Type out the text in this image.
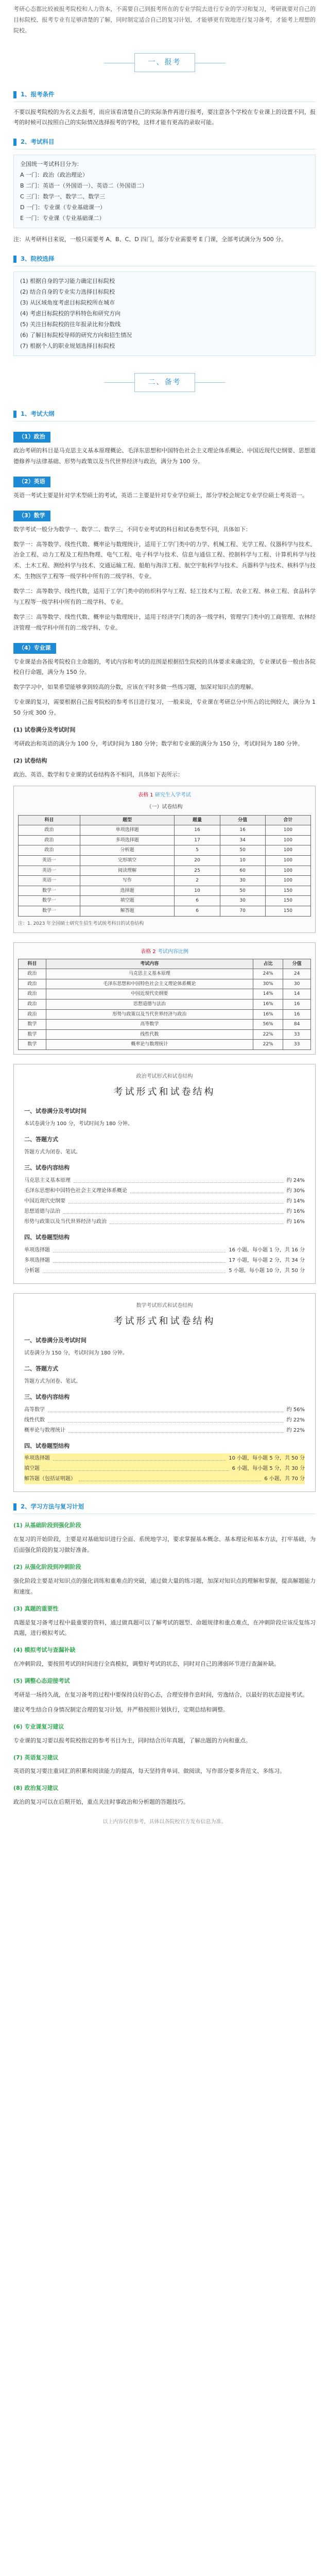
考研心态都比较被报考院校和人力资本，不需要自己到报考所在的专业学院去进行专业的学习和复习，考研就要对自己的目标院校、报考专业有足够清楚的了解，同时制定适合自己的复习计划，才能够更有效地进行复习备考，才能考上理想的院校。

一、报考
1、报考条件

不要以报考院校的为名义去报考，而应该看清楚自己的实际条件再进行报考，要注意各个学校在专业课上的设置不同，报考的时候可以按照自己的实际情况选择报考的学校，这样才能有更高的录取可能。

2、考试科目
全国统一考试科目分为：
A 一门：政治（政治理论）
B 二门：英语一（外国语一）、英语二（外国语二）
C 三门：数学一、数学二、数学三
D 一门：专业课（专业基础课一）
E 一门：专业课（专业基础课二）

注：从考研科目来说，一般只需要考 A、B、C、D 四门，部分专业需要考 E 门课，全部考试满分为 500 分。

3、院校选择
(1) 根据自身的学习能力确定目标院校
(2) 结合自身的专业实力选择目标院校
(3) 从区域角度考虑目标院校所在城市
(4) 考虑目标院校的学科特色和研究方向
(5) 关注目标院校的往年报录比和分数线
(6) 了解目标院校导师的研究方向和招生情况
(7) 根据个人的职业规划选择目标院校
二、备考
1、考试大纲
（1）政治

政治考研的科目是马克思主义基本原理概论、毛泽东思想和中国特色社会主义理论体系概论、中国近现代史纲要、思想道德修养与法律基础、形势与政策以及当代世界经济与政治，满分为 100 分。

（2）英语

英语一考试主要是针对学术型硕士的考试，英语二主要是针对专业学位硕士，部分学校会规定专业学位硕士考英语一。

（3）数学

数学考试一般分为数学一、数学二、数学三，不同专业考试的科目和试卷类型不同，具体如下：

数学一：高等数学、线性代数、概率论与数理统计，适用于工学门类中的力学、机械工程、光学工程、仪器科学与技术、冶金工程、动力工程及工程热物理、电气工程、电子科学与技术、信息与通信工程、控制科学与工程、计算机科学与技术、土木工程、测绘科学与技术、交通运输工程、船舶与海洋工程、航空宇航科学与技术、兵器科学与技术、核科学与技术、生物医学工程等一级学科中所有的二级学科、专业。

数学二：高等数学、线性代数，适用于工学门类中的纺织科学与工程、轻工技术与工程、农业工程、林业工程、食品科学与工程等一级学科中所有的二级学科、专业。

数学三：高等数学、线性代数、概率论与数理统计，适用于经济学门类的各一级学科，管理学门类中的工商管理、农林经济管理一级学科中所有的二级学科、专业。

（4）专业课

专业课是由各报考院校自主命题的，考试内容和考试的范围是根据招生院校的具体要求来确定的，专业课试卷一般由各院校自行命题，满分为 150 分。

数学学习中，如果希望能够拿到较高的分数，应该在平时多做一些练习题，加深对知识点的理解。

专业课的复习，需要根据自己报考院校的参考书目进行复习，一般来说，专业课在考研总分中所占的比例较大，满分为 150 分或 300 分。

(1) 试卷满分及考试时间

考研政治和英语的满分为 100 分，考试时间为 180 分钟；数学和专业课的满分为 150 分，考试时间为 180 分钟。

(2) 试卷结构

政治、英语、数学和专业课的试卷结构各不相同，具体如下表所示：

表格 1 研究生入学考试
（一）试卷结构
科目	题型	题量	分值	合计
政治	单项选择题	16	16	100
政治	多项选择题	17	34	100
政治	分析题	5	50	100
英语一	完形填空	20	10	100
英语一	阅读理解	25	60	100
英语一	写作	2	30	100
数学一	选择题	10	50	150
数学一	填空题	6	30	150
数学一	解答题	6	70	150
注：1. 2023 年全国硕士研究生招生考试统考科目的试卷结构
表格 2 考试内容比例
科目	考试内容	占比	分值
政治	马克思主义基本原理	24%	24
政治	毛泽东思想和中国特色社会主义理论体系概论	30%	30
政治	中国近现代史纲要	14%	14
政治	思想道德与法治	16%	16
政治	形势与政策以及当代世界经济与政治	16%	16
数学	高等数学	56%	84
数学	线性代数	22%	33
数学	概率论与数理统计	22%	33
政治考试形式和试卷结构
考试形式和试卷结构
一、试卷满分及考试时间
本试卷满分为 100 分，考试时间为 180 分钟。
二、答题方式
答题方式为闭卷、笔试。
三、试卷内容结构
马克思主义基本原理	约 24%
毛泽东思想和中国特色社会主义理论体系概论	约 30%
中国近现代史纲要	约 14%
思想道德与法治	约 16%
形势与政策以及当代世界经济与政治	约 16%
四、试卷题型结构
单项选择题	16 小题，每小题 1 分，共 16 分
多项选择题	17 小题，每小题 2 分，共 34 分
分析题	5 小题，每小题 10 分，共 50 分
数学考试形式和试卷结构
考试形式和试卷结构
一、试卷满分及考试时间
试卷满分为 150 分，考试时间为 180 分钟。
二、答题方式
答题方式为闭卷、笔试。
三、试卷内容结构
高等数学	约 56%
线性代数	约 22%
概率论与数理统计	约 22%
四、试卷题型结构
单项选择题	10 小题，每小题 5 分，共 50 分
填空题	6 小题，每小题 5 分，共 30 分
解答题（包括证明题）	6 小题，共 70 分
2、学习方法与复习计划
(1) 从基础阶段到强化阶段

在复习的开始阶段，主要是对基础知识进行全面、系统地学习，要求掌握基本概念、基本理论和基本方法，打牢基础，为后面强化阶段的复习做好准备。

(2) 从强化阶段到冲刺阶段

强化阶段主要是对知识点的强化训练和重难点的突破，通过做大量的练习题，加深对知识点的理解和掌握，提高解题能力和速度。

(3) 真题的重要性

真题是复习备考过程中最重要的资料，通过做真题可以了解考试的题型、命题规律和重点难点，在冲刺阶段应该反复练习真题，进行模拟考试。

(4) 模拟考试与查漏补缺

在冲刺阶段，要按照考试的时间进行全真模拟，调整好考试的状态，同时对自己的薄弱环节进行查漏补缺。

(5) 调整心态迎接考试

考研是一场持久战，在复习备考的过程中要保持良好的心态，合理安排作息时间，劳逸结合，以最好的状态迎接考试。

建议考生结合自身情况制定合理的复习计划，并严格按照计划执行，定期总结和调整。

(6) 专业课复习建议

专业课的复习要以报考院校指定的参考书目为主，同时结合历年真题，了解出题的方向和重点。

(7) 英语复习建议

英语的复习要注重词汇的积累和阅读能力的提高，每天坚持背单词、做阅读，写作部分要多背范文、多练习。

(8) 政治复习建议

政治的复习可以在后期开始，重点关注时事政治和分析题的答题技巧。

以上内容仅供参考，具体以各院校官方发布信息为准。
